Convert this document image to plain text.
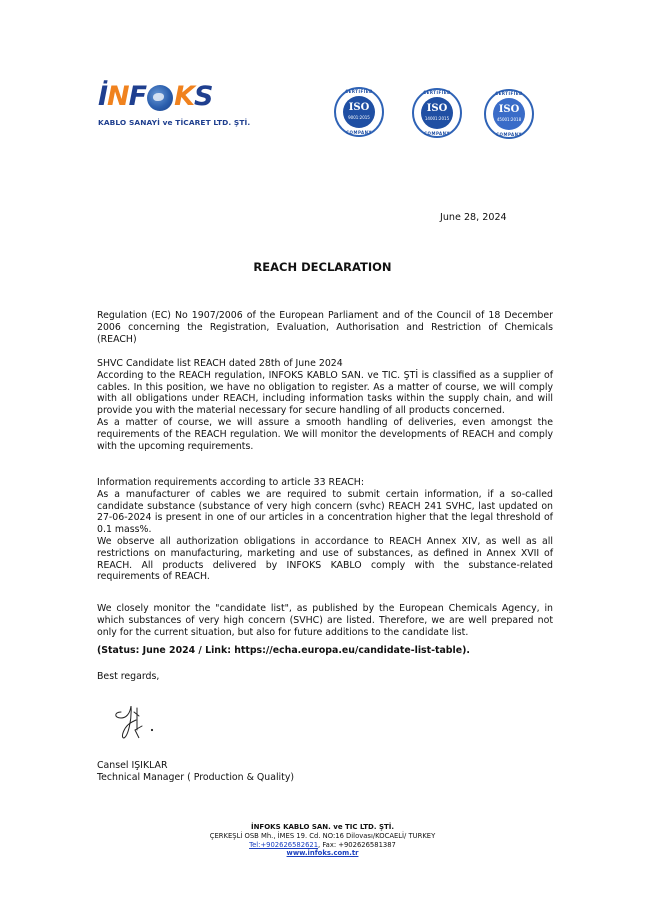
İ N F K S
KABLO SANAYİ ve TİCARET LTD. ŞTİ.
CERTIFIED
ISO
9001:2015
COMPANY
CERTIFIED
ISO
14001:2015
COMPANY
CERTIFIED
ISO
45001:2018
COMPANY
June 28, 2024
REACH DECLARATION

Regulation (EC) No 1907/2006 of the European Parliament and of the Council of 18 December 2006 concerning the Registration, Evaluation, Authorisation and Restriction of Chemicals (REACH)

SHVC Candidate list REACH dated 28th of June 2024

According to the REACH regulation, INFOKS KABLO SAN. ve TIC. ŞTİ is classified as a supplier of cables. In this position, we have no obligation to register. As a matter of course, we will comply with all obligations under REACH, including information tasks within the supply chain, and will provide you with the material necessary for secure handling of all products concerned.

As a matter of course, we will assure a smooth handling of deliveries, even amongst the requirements of the REACH regulation. We will monitor the developments of REACH and comply with the upcoming requirements.

Information requirements according to article 33 REACH:

As a manufacturer of cables we are required to submit certain information, if a so-called candidate substance (substance of very high concern (svhc) REACH 241 SVHC, last updated on 27-06-2024 is present in one of our articles in a concentration higher that the legal threshold of 0.1 mass%.

We observe all authorization obligations in accordance to REACH Annex XIV, as well as all restrictions on manufacturing, marketing and use of substances, as defined in Annex XVII of REACH. All products delivered by INFOKS KABLO comply with the substance-related requirements of REACH.

We closely monitor the "candidate list", as published by the European Chemicals Agency, in which substances of very high concern (SVHC) are listed. Therefore, we are well prepared not only for the current situation, but also for future additions to the candidate list.

(Status: June 2024 / Link: https://echa.europa.eu/candidate-list-table).
Best regards,
Cansel IŞIKLAR
Technical Manager ( Production & Quality)
İNFOKS KABLO SAN. ve TIC LTD. ŞTİ.
ÇERKEŞLİ OSB Mh., İMES 19. Cd. NO:16 Dilovası/KOCAELİ/ TURKEY
Tel:+902626582621, Fax: +902626581387
www.infoks.com.tr
